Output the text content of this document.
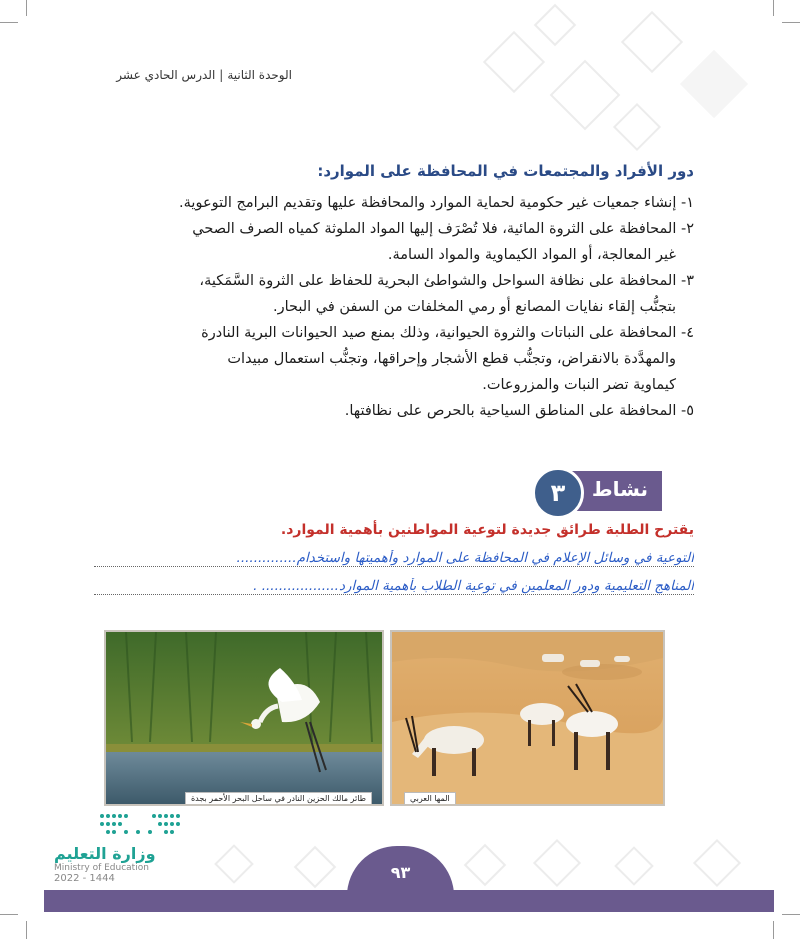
الوحدة الثانية|الدرس الحادي عشر
دور الأفراد والمجتمعات في المحافظة على الموارد:
١- إنشاء جمعيات غير حكومية لحماية الموارد والمحافظة عليها وتقديم البرامج التوعوية.
٢- المحافظة على الثروة المائية، فلا تُصْرَف إليها المواد الملوثة كمياه الصرف الصحي
غير المعالجة، أو المواد الكيماوية والمواد السامة.
٣- المحافظة على نظافة السواحل والشواطئ البحرية للحفاظ على الثروة السَّمَكية،
بتجنُّب إلقاء نفايات المصانع أو رمي المخلفات من السفن في البحار.
٤- المحافظة على النباتات والثروة الحيوانية، وذلك بمنع صيد الحيوانات البرية النادرة
والمهدَّدة بالانقراض، وتجنُّب قطع الأشجار وإحراقها، وتجنُّب استعمال مبيدات
كيماوية تضر النبات والمزروعات.
٥- المحافظة على المناطق السياحية بالحرص على نظافتها.
نشاط
٣
يقترح الطلبة طرائق جديدة لتوعية المواطنين بأهمية الموارد.
التوعية في وسائل الإعلام في المحافظة على الموارد وأهميتها واستخدام..............
المناهج التعليمية ودور المعلمين في توعية الطلاب بأهمية الموارد.................. .
المها العربي
طائر مالك الحزين النادر في ساحل البحر الأحمر بجدة
وزارة التعليم
Ministry of Education
2022 - 1444	٩٣
